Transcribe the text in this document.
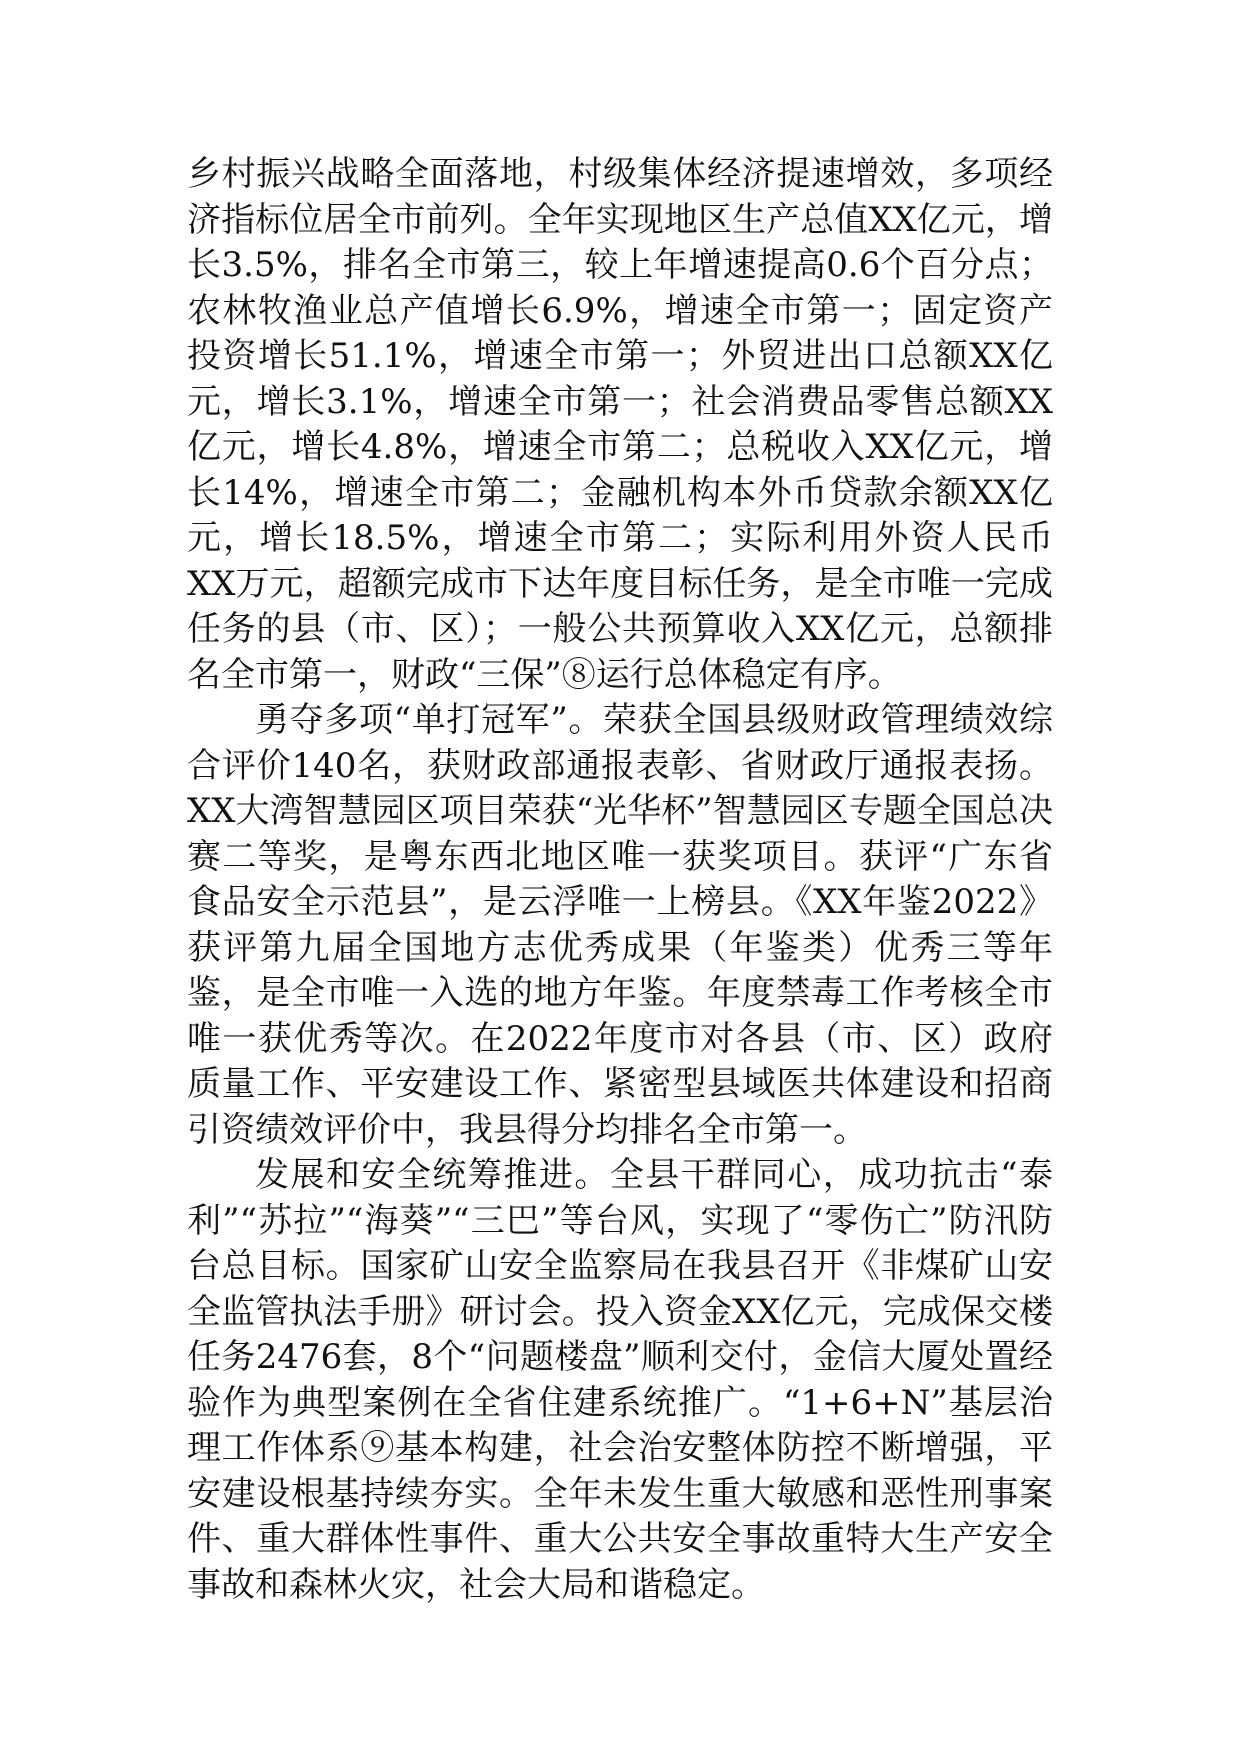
乡村振兴战略全面落地，村级集体经济提速增效，多项经济指标位居全市前列。全年实现地区生产总值XX亿元，增长3.5%，排名全市第三，较上年增速提高0.6个百分点；农林牧渔业总产值增长6.9%，增速全市第一；固定资产投资增长51.1%，增速全市第一；外贸进出口总额XX亿元，增长3.1%，增速全市第一；社会消费品零售总额XX亿元，增长4.8%，增速全市第二；总税收入XX亿元，增长14%，增速全市第二；金融机构本外币贷款余额XX亿元，增长18.5%，增速全市第二；实际利用外资人民币XX万元，超额完成市下达年度目标任务，是全市唯一完成任务的县（市、区）；一般公共预算收入XX亿元，总额排名全市第一，财政“三保”⑧运行总体稳定有序。

勇夺多项“单打冠军”。荣获全国县级财政管理绩效综合评价140名，获财政部通报表彰、省财政厅通报表扬。XX大湾智慧园区项目荣获“光华杯”智慧园区专题全国总决赛二等奖，是粤东西北地区唯一获奖项目。获评“广东省食品安全示范县”，是云浮唯一上榜县。《XX年鉴2022》获评第九届全国地方志优秀成果（年鉴类）优秀三等年鉴，是全市唯一入选的地方年鉴。年度禁毒工作考核全市唯一获优秀等次。在2022年度市对各县（市、区）政府质量工作、平安建设工作、紧密型县域医共体建设和招商引资绩效评价中，我县得分均排名全市第一。

发展和安全统筹推进。全县干群同心，成功抗击“泰利”“苏拉”“海葵”“三巴”等台风，实现了“零伤亡”防汛防台总目标。国家矿山安全监察局在我县召开《非煤矿山安全监管执法手册》研讨会。投入资金XX亿元，完成保交楼任务2476套，8个“问题楼盘”顺利交付，金信大厦处置经验作为典型案例在全省住建系统推广。“1+6+N”基层治理工作体系⑨基本构建，社会治安整体防控不断增强，平安建设根基持续夯实。全年未发生重大敏感和恶性刑事案件、重大群体性事件、重大公共安全事故重特大生产安全事故和森林火灾，社会大局和谐稳定。
